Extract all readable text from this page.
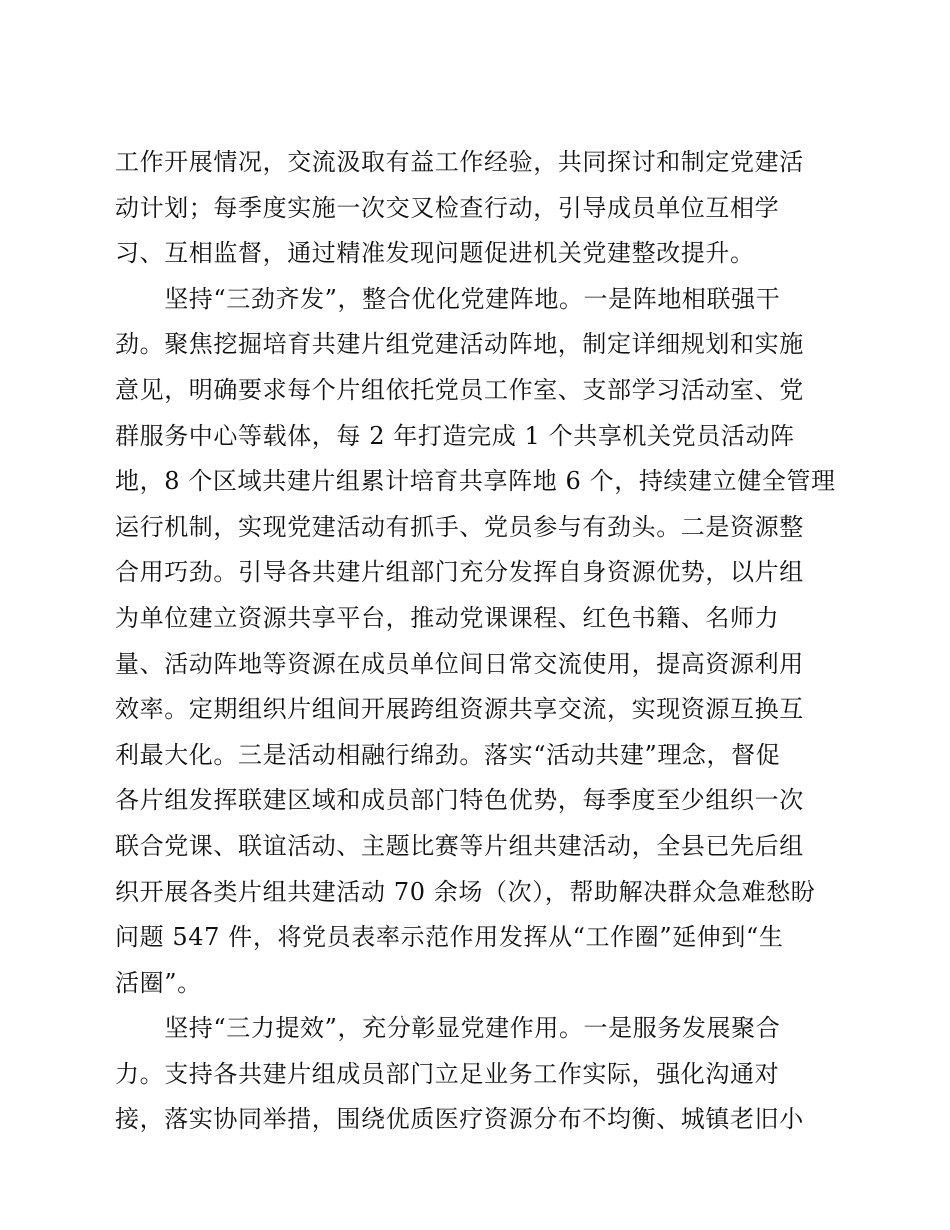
工作开展情况，交流汲取有益工作经验，共同探讨和制定党建活
动计划；每季度实施一次交叉检查行动，引导成员单位互相学
习、互相监督，通过精准发现问题促进机关党建整改提升。
　　坚持“三劲齐发”，整合优化党建阵地。一是阵地相联强干
劲。聚焦挖掘培育共建片组党建活动阵地，制定详细规划和实施
意见，明确要求每个片组依托党员工作室、支部学习活动室、党
群服务中心等载体，每 2 年打造完成 1 个共享机关党员活动阵
地，8 个区域共建片组累计培育共享阵地 6 个，持续建立健全管理
运行机制，实现党建活动有抓手、党员参与有劲头。二是资源整
合用巧劲。引导各共建片组部门充分发挥自身资源优势，以片组
为单位建立资源共享平台，推动党课课程、红色书籍、名师力
量、活动阵地等资源在成员单位间日常交流使用，提高资源利用
效率。定期组织片组间开展跨组资源共享交流，实现资源互换互
利最大化。三是活动相融行绵劲。落实“活动共建”理念，督促
各片组发挥联建区域和成员部门特色优势，每季度至少组织一次
联合党课、联谊活动、主题比赛等片组共建活动，全县已先后组
织开展各类片组共建活动 70 余场（次），帮助解决群众急难愁盼
问题 547 件，将党员表率示范作用发挥从“工作圈”延伸到“生
活圈”。
　　坚持“三力提效”，充分彰显党建作用。一是服务发展聚合
力。支持各共建片组成员部门立足业务工作实际，强化沟通对
接，落实协同举措，围绕优质医疗资源分布不均衡、城镇老旧小
